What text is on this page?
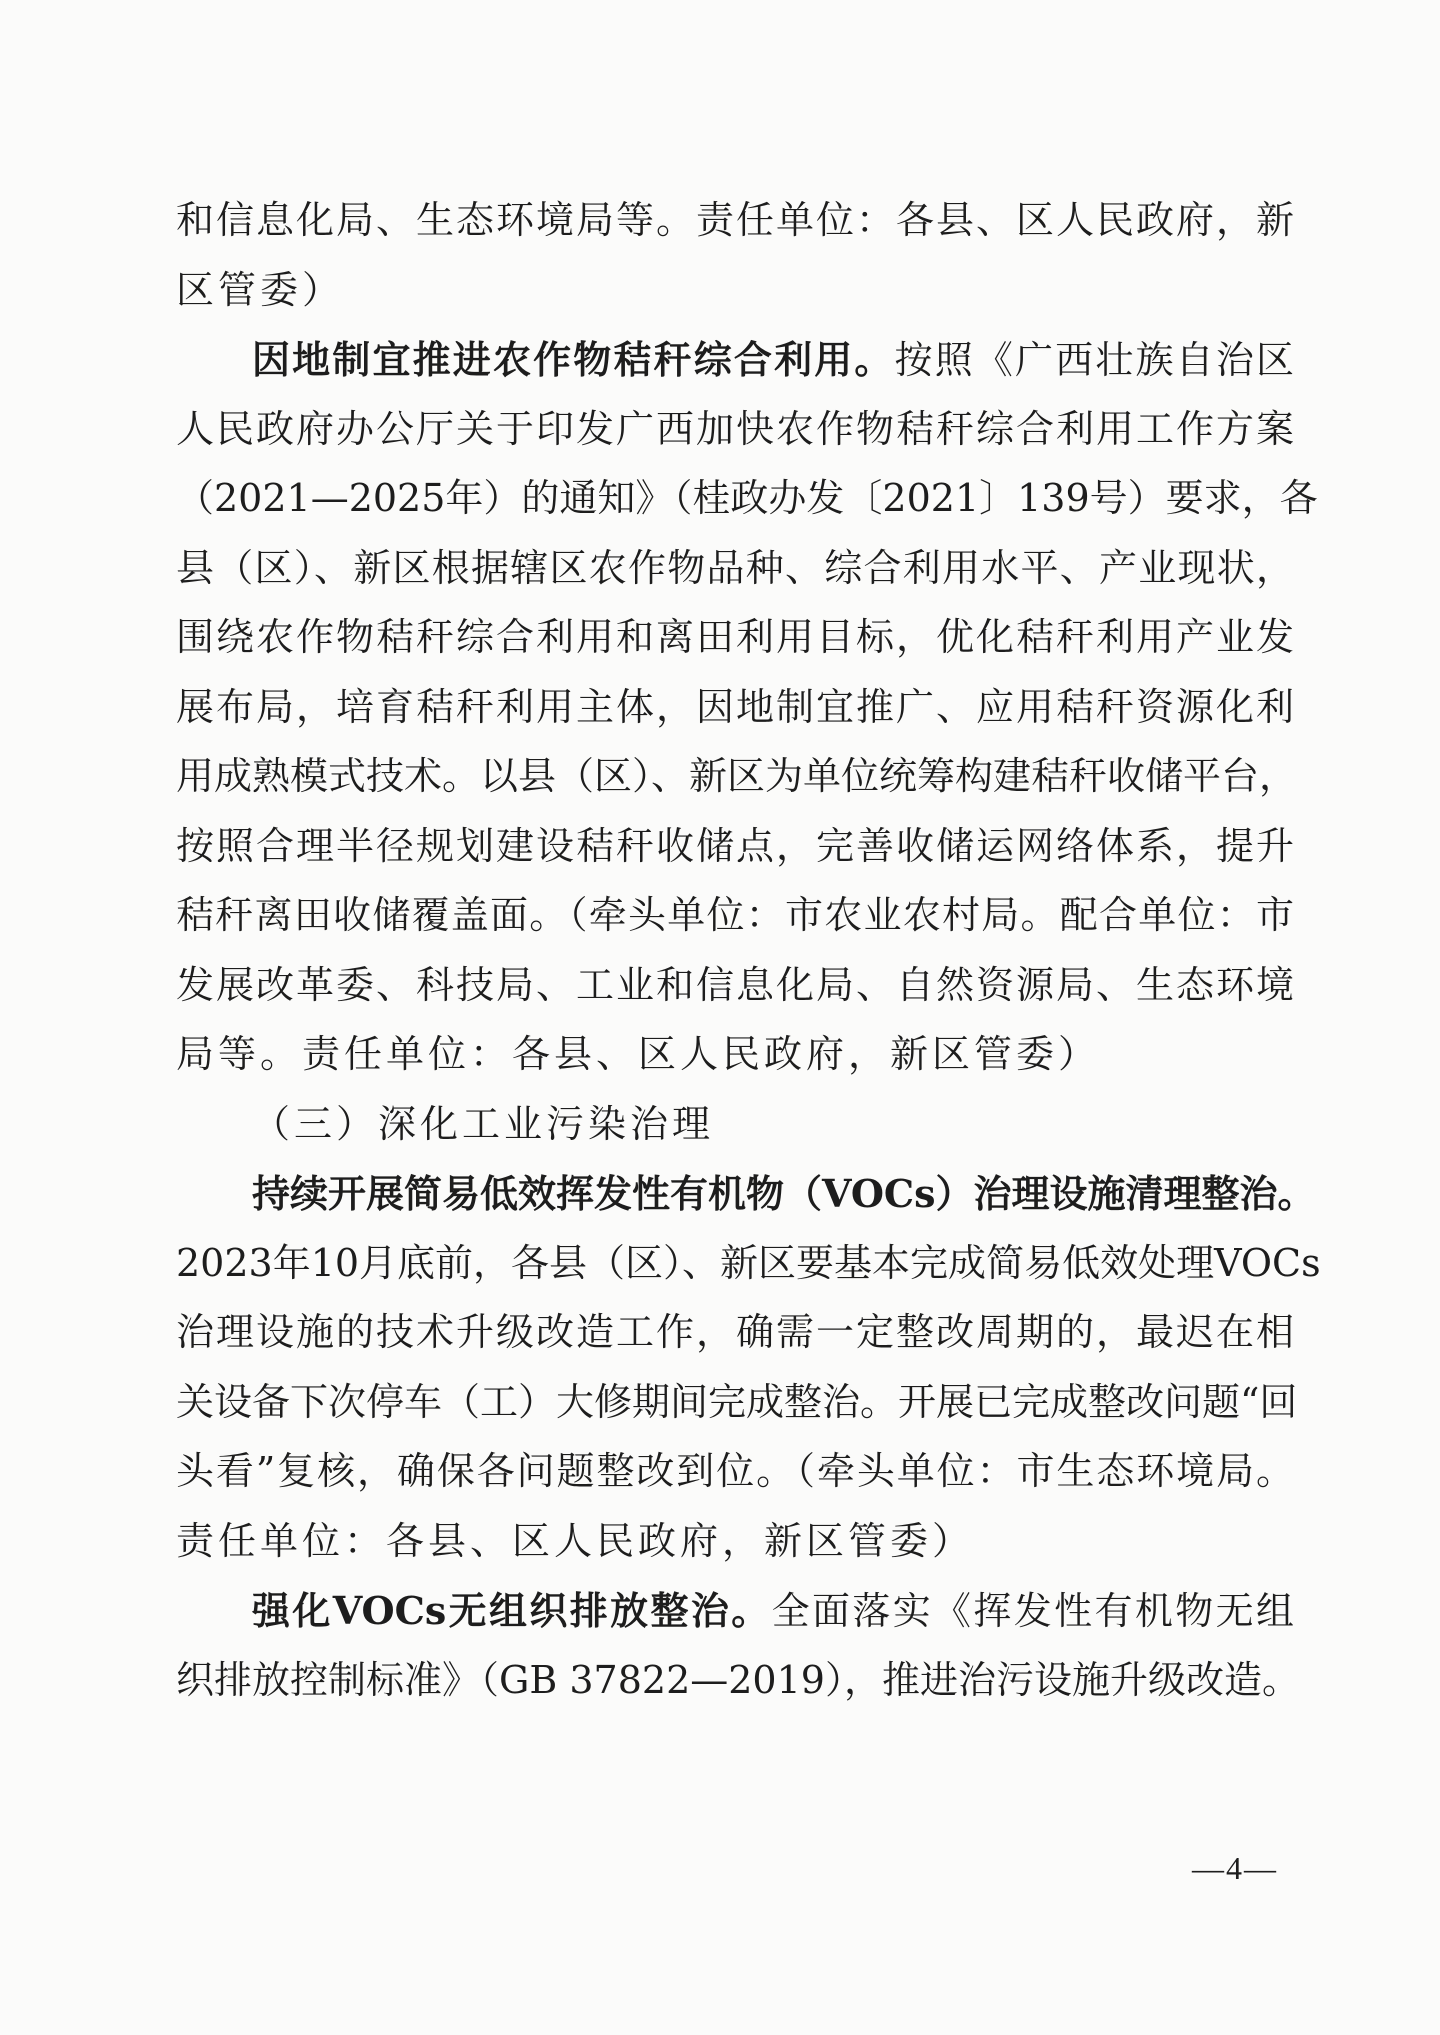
和信息化局、生态环境局等。责任单位：各县、区人民政府，新
区管委）
因地制宜推进农作物秸秆综合利用。按照《广西壮族自治区
人民政府办公厅关于印发广西加快农作物秸秆综合利用工作方案
（2021—2025年）的通知》（桂政办发〔2021〕139号）要求，各
县（区）、新区根据辖区农作物品种、综合利用水平、产业现状，
围绕农作物秸秆综合利用和离田利用目标，优化秸秆利用产业发
展布局，培育秸秆利用主体，因地制宜推广、应用秸秆资源化利
用成熟模式技术。以县（区）、新区为单位统筹构建秸秆收储平台，
按照合理半径规划建设秸秆收储点，完善收储运网络体系，提升
秸秆离田收储覆盖面。（牵头单位：市农业农村局。配合单位：市
发展改革委、科技局、工业和信息化局、自然资源局、生态环境
局等。责任单位：各县、区人民政府，新区管委）
（三）深化工业污染治理
持续开展简易低效挥发性有机物（VOCs）治理设施清理整治。
2023年10月底前，各县（区）、新区要基本完成简易低效处理VOCs
治理设施的技术升级改造工作，确需一定整改周期的，最迟在相
关设备下次停车（工）大修期间完成整治。开展已完成整改问题“回
头看”复核，确保各问题整改到位。（牵头单位：市生态环境局。
责任单位：各县、区人民政府，新区管委）
强化VOCs无组织排放整治。全面落实《挥发性有机物无组
织排放控制标准》（GB 37822—2019），推进治污设施升级改造。
—4—
